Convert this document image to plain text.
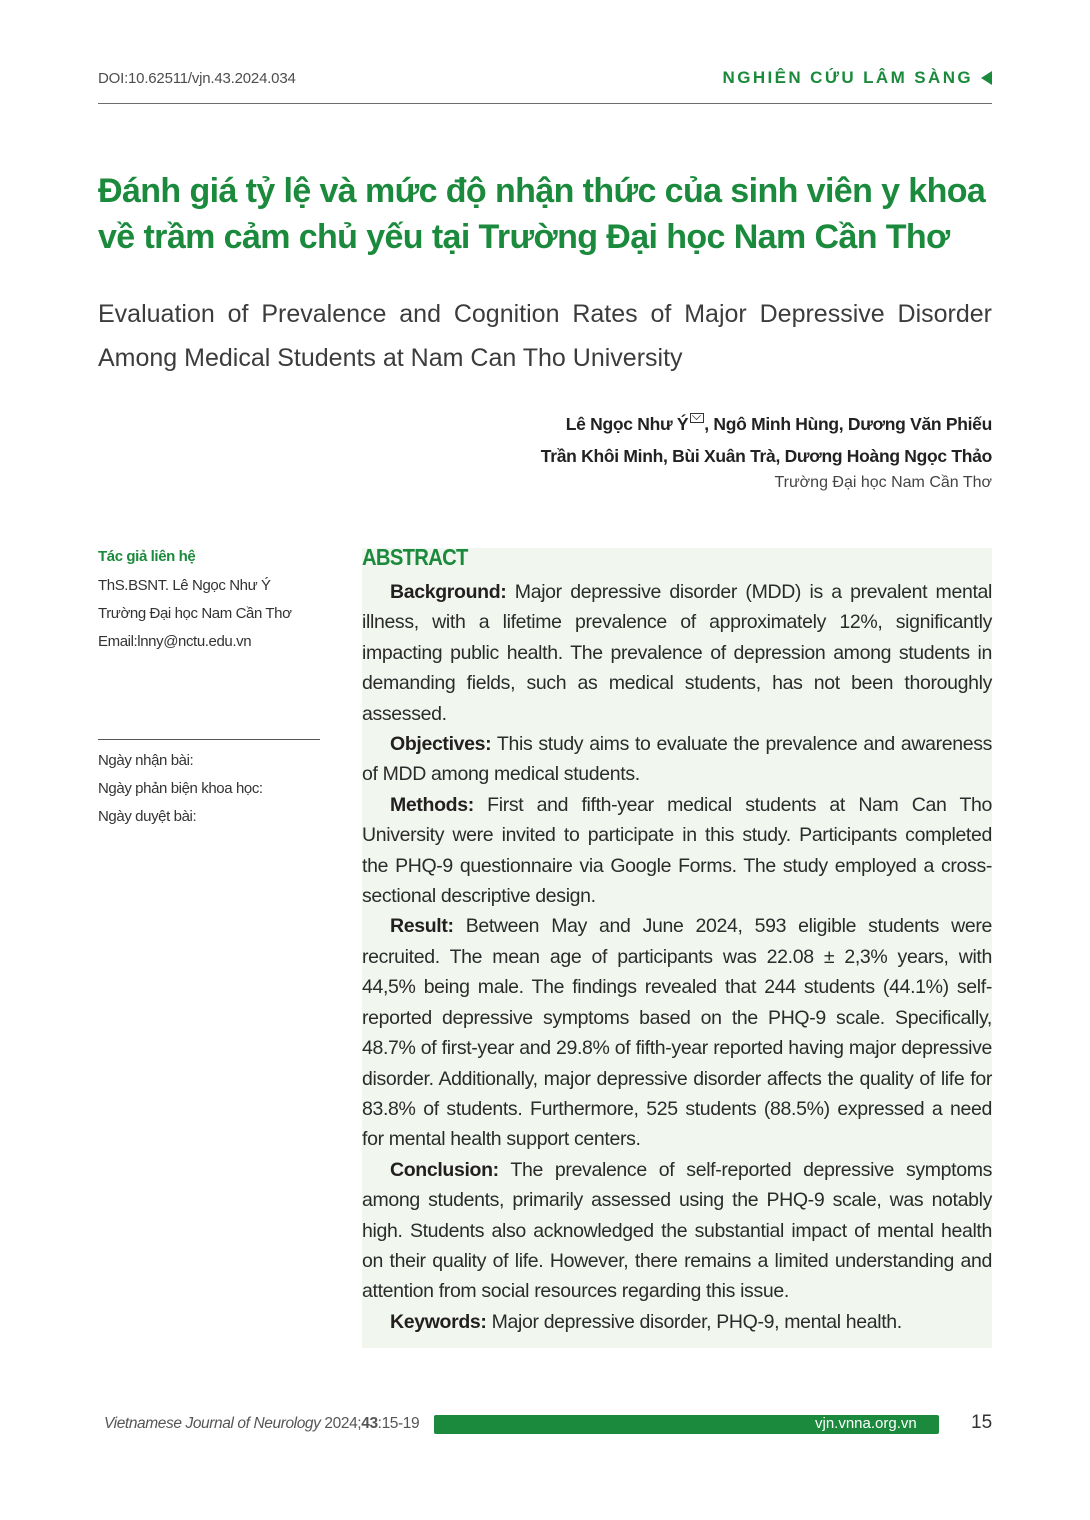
DOI:10.62511/vjn.43.2024.034	NGHIÊN CỨU LÂM SÀNG
Đánh giá tỷ lệ và mức độ nhận thức của sinh viên y khoa
về trầm cảm chủ yếu tại Trường Đại học Nam Cần Thơ
Evaluation of Prevalence and Cognition Rates of Major Depressive Disorder Among Medical Students at Nam Can Tho University
Lê Ngọc Như Ý , Ngô Minh Hùng, Dương Văn Phiếu
Trần Khôi Minh, Bùi Xuân Trà, Dương Hoàng Ngọc Thảo
Trường Đại học Nam Cần Thơ
Tác giả liên hệ
ThS.BSNT. Lê Ngọc Như Ý
Trường Đại học Nam Cần Thơ
Email:lnny@nctu.edu.vn
Ngày nhận bài:
Ngày phản biện khoa học:
Ngày duyệt bài:
ABSTRACT

Background: Major depressive disorder (MDD) is a prevalent mental illness, with a lifetime prevalence of approximately 12%, significantly impacting public health. The prevalence of depression among students in demanding fields, such as medical students, has not been thoroughly assessed.

Objectives: This study aims to evaluate the prevalence and awareness of MDD among medical students.

Methods: First and fifth-year medical students at Nam Can Tho University were invited to participate in this study. Participants completed the PHQ-9 questionnaire via Google Forms. The study employed a cross-sectional descriptive design.

Result: Between May and June 2024, 593 eligible students were recruited. The mean age of participants was 22.08 ± 2,3% years, with 44,5% being male. The findings revealed that 244 students (44.1%) self-reported depressive symptoms based on the PHQ-9 scale. Specifically, 48.7% of first-year and 29.8% of fifth-year reported having major depressive disorder. Additionally, major depressive disorder affects the quality of life for 83.8% of students. Furthermore, 525 students (88.5%) expressed a need for mental health support centers.

Conclusion: The prevalence of self-reported depressive symptoms among students, primarily assessed using the PHQ-9 scale, was notably high. Students also acknowledged the substantial impact of mental health on their quality of life. However, there remains a limited understanding and attention from social resources regarding this issue.

Keywords: Major depressive disorder, PHQ-9, mental health.

Vietnamese Journal of Neurology 2024;43:15-19	vjn.vnna.org.vn	15
